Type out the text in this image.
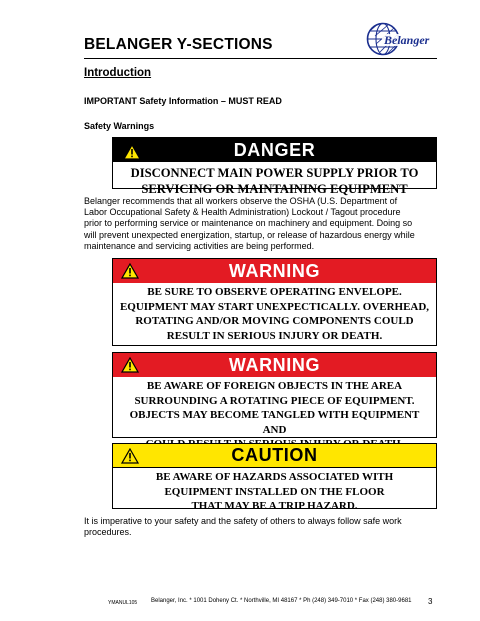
BELANGER Y-SECTIONS	Belanger
Introduction
IMPORTANT Safety Information – MUST READ
Safety Warnings
DANGER
DISCONNECT MAIN POWER SUPPLY PRIOR TO
SERVICING OR MAINTAINING EQUIPMENT
Belanger recommends that all workers observe the OSHA (U.S. Department of
Labor Occupational Safety & Health Administration) Lockout / Tagout procedure
prior to performing service or maintenance on machinery and equipment. Doing so
will prevent unexpected energization, startup, or release of hazardous energy while
maintenance and servicing activities are being performed.
WARNING
BE SURE TO OBSERVE OPERATING ENVELOPE.
EQUIPMENT MAY START UNEXPECTICALLY. OVERHEAD,
ROTATING AND/OR MOVING COMPONENTS COULD
RESULT IN SERIOUS INJURY OR DEATH.
WARNING
BE AWARE OF FOREIGN OBJECTS IN THE AREA
SURROUNDING A ROTATING PIECE OF EQUIPMENT.
OBJECTS MAY BECOME TANGLED WITH EQUIPMENT AND
CAUTION
BE AWARE OF HAZARDS ASSOCIATED WITH
EQUIPMENT INSTALLED ON THE FLOOR
THAT MAY BE A TRIP HAZARD.
It is imperative to your safety and the safety of others to always follow safe work
procedures.
YMANUL105 Belanger, Inc. * 1001 Doheny Ct. * Northville, MI 48167 * Ph (248) 349-7010 * Fax (248) 380-9681 3
